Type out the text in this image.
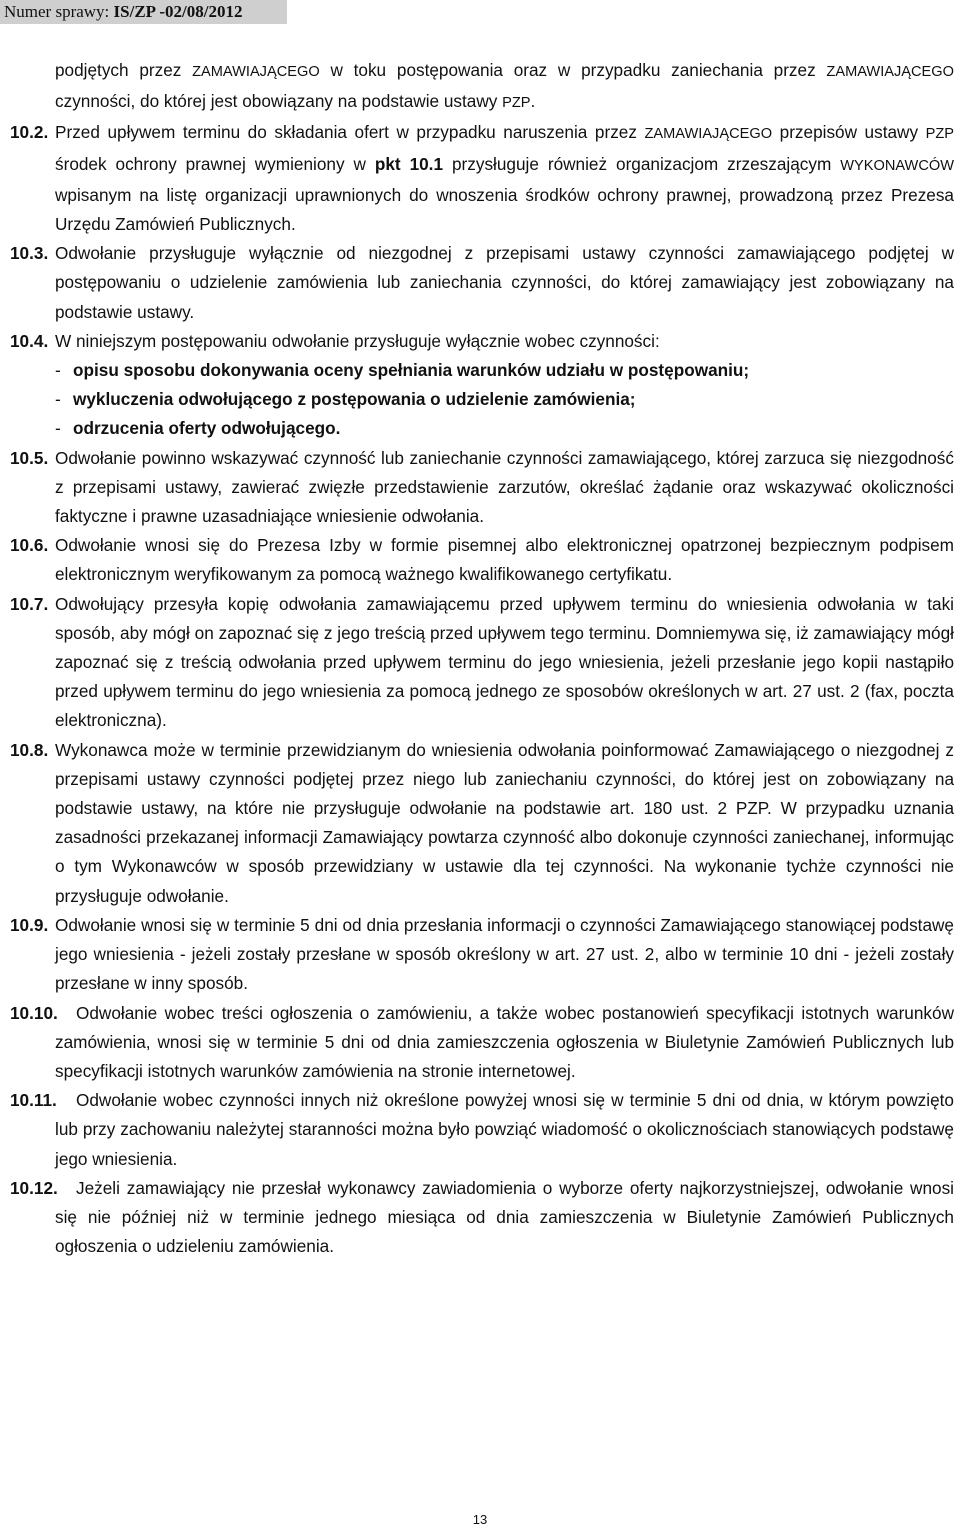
Numer sprawy: IS/ZP -02/08/2012
podjętych przez ZAMAWIAJĄCEGO w toku postępowania oraz w przypadku zaniechania przez ZAMAWIAJĄCEGO czynności, do której jest obowiązany na podstawie ustawy PZP.
10.2. Przed upływem terminu do składania ofert w przypadku naruszenia przez ZAMAWIAJĄCEGO przepisów ustawy PZP środek ochrony prawnej wymieniony w pkt 10.1 przysługuje również organizacjom zrzeszającym WYKONAWCÓW wpisanym na listę organizacji uprawnionych do wnoszenia środków ochrony prawnej, prowadzoną przez Prezesa Urzędu Zamówień Publicznych.
10.3. Odwołanie przysługuje wyłącznie od niezgodnej z przepisami ustawy czynności zamawiającego podjętej w postępowaniu o udzielenie zamówienia lub zaniechania czynności, do której zamawiający jest zobowiązany na podstawie ustawy.
10.4. W niniejszym postępowaniu odwołanie przysługuje wyłącznie wobec czynności:
- opisu sposobu dokonywania oceny spełniania warunków udziału w postępowaniu;
- wykluczenia odwołującego z postępowania o udzielenie zamówienia;
- odrzucenia oferty odwołującego.
10.5. Odwołanie powinno wskazywać czynność lub zaniechanie czynności zamawiającego, której zarzuca się niezgodność z przepisami ustawy, zawierać zwięzłe przedstawienie zarzutów, określać żądanie oraz wskazywać okoliczności faktyczne i prawne uzasadniające wniesienie odwołania.
10.6. Odwołanie wnosi się do Prezesa Izby w formie pisemnej albo elektronicznej opatrzonej bezpiecznym podpisem elektronicznym weryfikowanym za pomocą ważnego kwalifikowanego certyfikatu.
10.7. Odwołujący przesyła kopię odwołania zamawiającemu przed upływem terminu do wniesienia odwołania w taki sposób, aby mógł on zapoznać się z jego treścią przed upływem tego terminu. Domniemywa się, iż zamawiający mógł zapoznać się z treścią odwołania przed upływem terminu do jego wniesienia, jeżeli przesłanie jego kopii nastąpiło przed upływem terminu do jego wniesienia za pomocą jednego ze sposobów określonych w art. 27 ust. 2 (fax, poczta elektroniczna).
10.8. Wykonawca może w terminie przewidzianym do wniesienia odwołania poinformować Zamawiającego o niezgodnej z przepisami ustawy czynności podjętej przez niego lub zaniechaniu czynności, do której jest on zobowiązany na podstawie ustawy, na które nie przysługuje odwołanie na podstawie art. 180 ust. 2 PZP. W przypadku uznania zasadności przekazanej informacji Zamawiający powtarza czynność albo dokonuje czynności zaniechanej, informując o tym Wykonawców w sposób przewidziany w ustawie dla tej czynności. Na wykonanie tychże czynności nie przysługuje odwołanie.
10.9. Odwołanie wnosi się w terminie 5 dni od dnia przesłania informacji o czynności Zamawiającego stanowiącej podstawę jego wniesienia - jeżeli zostały przesłane w sposób określony w art. 27 ust. 2, albo w terminie 10 dni - jeżeli zostały przesłane w inny sposób.
10.10.	Odwołanie wobec treści ogłoszenia o zamówieniu, a także wobec postanowień specyfikacji istotnych warunków zamówienia, wnosi się w terminie 5 dni od dnia zamieszczenia ogłoszenia w Biuletynie Zamówień Publicznych lub specyfikacji istotnych warunków zamówienia na stronie internetowej.
10.11.	Odwołanie wobec czynności innych niż określone powyżej wnosi się w terminie 5 dni od dnia, w którym powzięto lub przy zachowaniu należytej staranności można było powziąć wiadomość o okolicznościach stanowiących podstawę jego wniesienia.
10.12.	Jeżeli zamawiający nie przesłał wykonawcy zawiadomienia o wyborze oferty najkorzystniejszej, odwołanie wnosi się nie później niż w terminie jednego miesiąca od dnia zamieszczenia w Biuletynie Zamówień Publicznych ogłoszenia o udzieleniu zamówienia.
13
